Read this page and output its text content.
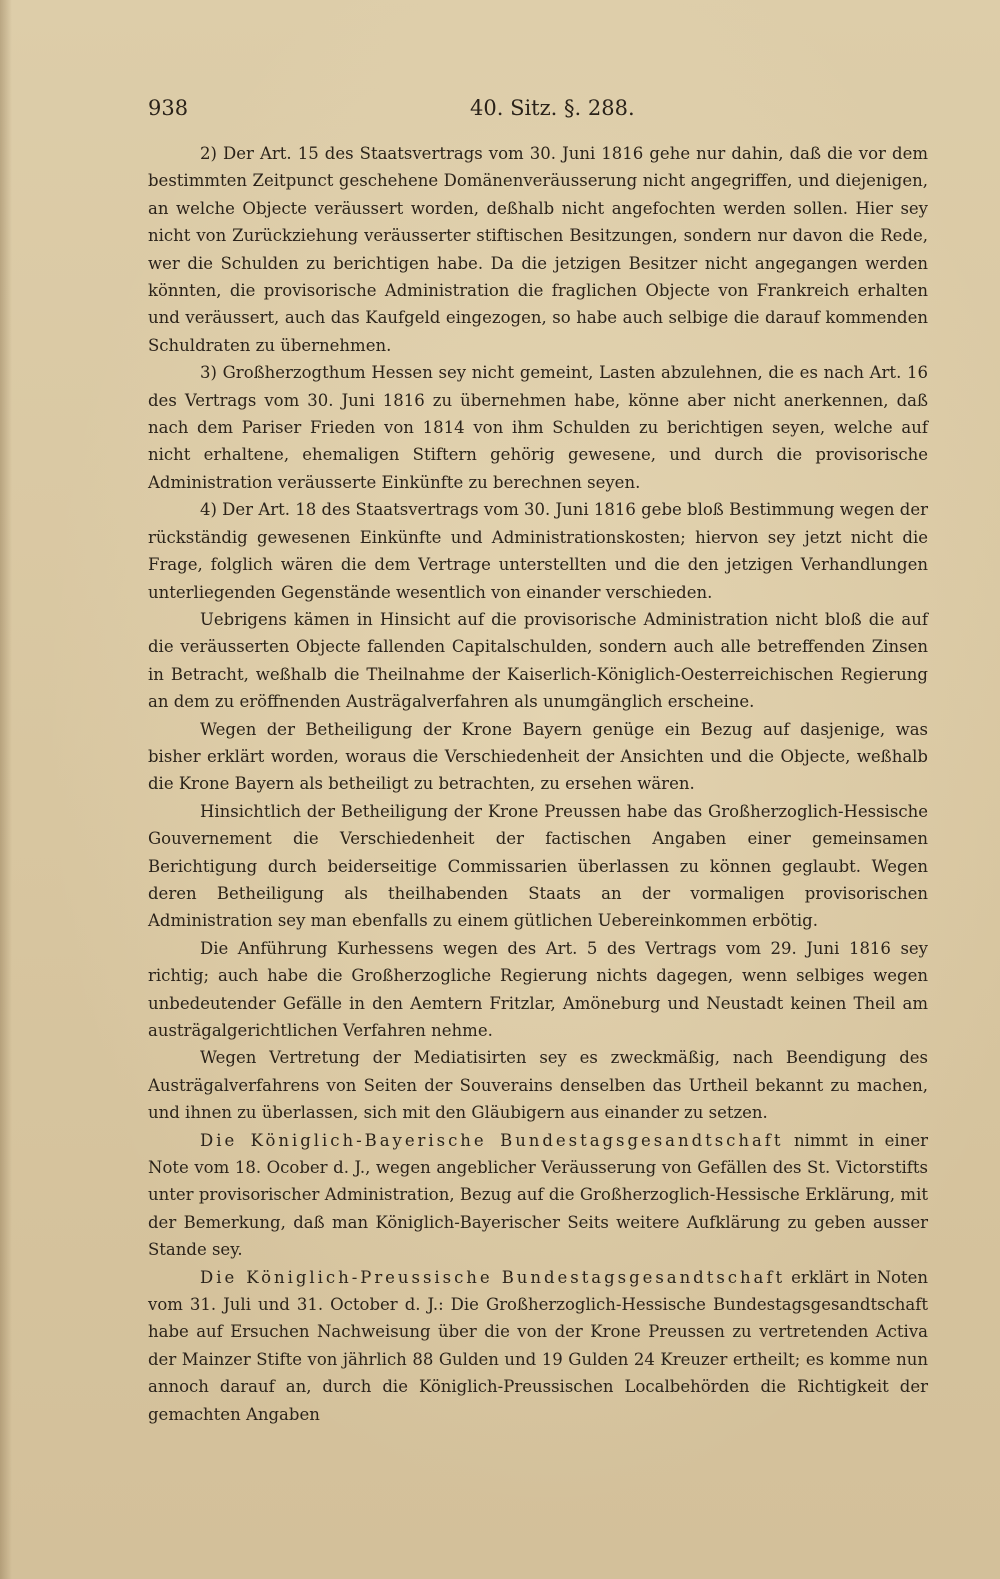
938	40. Sitz. §. 288.

2) Der Art. 15 des Staatsvertrags vom 30. Juni 1816 gehe nur dahin, daß die vor dem bestimmten Zeitpunct geschehene Domänenveräusserung nicht angegriffen, und diejenigen, an welche Objecte veräussert worden, deßhalb nicht angefochten werden sollen. Hier sey nicht von Zurückziehung veräusserter stiftischen Besitzungen, sondern nur davon die Rede, wer die Schulden zu berichtigen habe. Da die jetzigen Besitzer nicht angegangen werden könnten, die provisorische Administration die fraglichen Objecte von Frankreich erhalten und veräussert, auch das Kaufgeld eingezogen, so habe auch selbige die darauf kommenden Schuldraten zu übernehmen.

3) Großherzogthum Hessen sey nicht gemeint, Lasten abzulehnen, die es nach Art. 16 des Vertrags vom 30. Juni 1816 zu übernehmen habe, könne aber nicht anerkennen, daß nach dem Pariser Frieden von 1814 von ihm Schulden zu berichtigen seyen, welche auf nicht erhaltene, ehemaligen Stiftern gehörig gewesene, und durch die provisorische Administration veräusserte Einkünfte zu berechnen seyen.

4) Der Art. 18 des Staatsvertrags vom 30. Juni 1816 gebe bloß Bestimmung wegen der rückständig gewesenen Einkünfte und Administrationskosten; hiervon sey jetzt nicht die Frage, folglich wären die dem Vertrage unterstellten und die den jetzigen Verhandlungen unterliegenden Gegenstände wesentlich von einander verschieden.

Uebrigens kämen in Hinsicht auf die provisorische Administration nicht bloß die auf die veräusserten Objecte fallenden Capitalschulden, sondern auch alle betreffenden Zinsen in Betracht, weßhalb die Theilnahme der Kaiserlich-Königlich-Oesterreichischen Regierung an dem zu eröffnenden Austrägalverfahren als unumgänglich erscheine.

Wegen der Betheiligung der Krone Bayern genüge ein Bezug auf dasjenige, was bisher erklärt worden, woraus die Verschiedenheit der Ansichten und die Objecte, weßhalb die Krone Bayern als betheiligt zu betrachten, zu ersehen wären.

Hinsichtlich der Betheiligung der Krone Preussen habe das Großherzoglich-Hessische Gouvernement die Verschiedenheit der factischen Angaben einer gemeinsamen Berichtigung durch beiderseitige Commissarien überlassen zu können geglaubt. Wegen deren Betheiligung als theilhabenden Staats an der vormaligen provisorischen Administration sey man ebenfalls zu einem gütlichen Uebereinkommen erbötig.

Die Anführung Kurhessens wegen des Art. 5 des Vertrags vom 29. Juni 1816 sey richtig; auch habe die Großherzogliche Regierung nichts dagegen, wenn selbiges wegen unbedeutender Gefälle in den Aemtern Fritzlar, Amöneburg und Neustadt keinen Theil am austrägalgerichtlichen Verfahren nehme.

Wegen Vertretung der Mediatisirten sey es zweckmäßig, nach Beendigung des Austrägalverfahrens von Seiten der Souverains denselben das Urtheil bekannt zu machen, und ihnen zu überlassen, sich mit den Gläubigern aus einander zu setzen.

Die Königlich-Bayerische Bundestagsgesandtschaft nimmt in einer Note vom 18. Ocober d. J., wegen angeblicher Veräusserung von Gefällen des St. Victorstifts unter provisorischer Administration, Bezug auf die Großherzoglich-Hessische Erklärung, mit der Bemerkung, daß man Königlich-Bayerischer Seits weitere Aufklärung zu geben ausser Stande sey.

Die Königlich-Preussische Bundestagsgesandtschaft erklärt in Noten vom 31. Juli und 31. October d. J.: Die Großherzoglich-Hessische Bundestagsgesandtschaft habe auf Ersuchen Nachweisung über die von der Krone Preussen zu vertretenden Activa der Mainzer Stifte von jährlich 88 Gulden und 19 Gulden 24 Kreuzer ertheilt; es komme nun annoch darauf an, durch die Königlich-Preussischen Localbehörden die Richtigkeit der gemachten Angaben
